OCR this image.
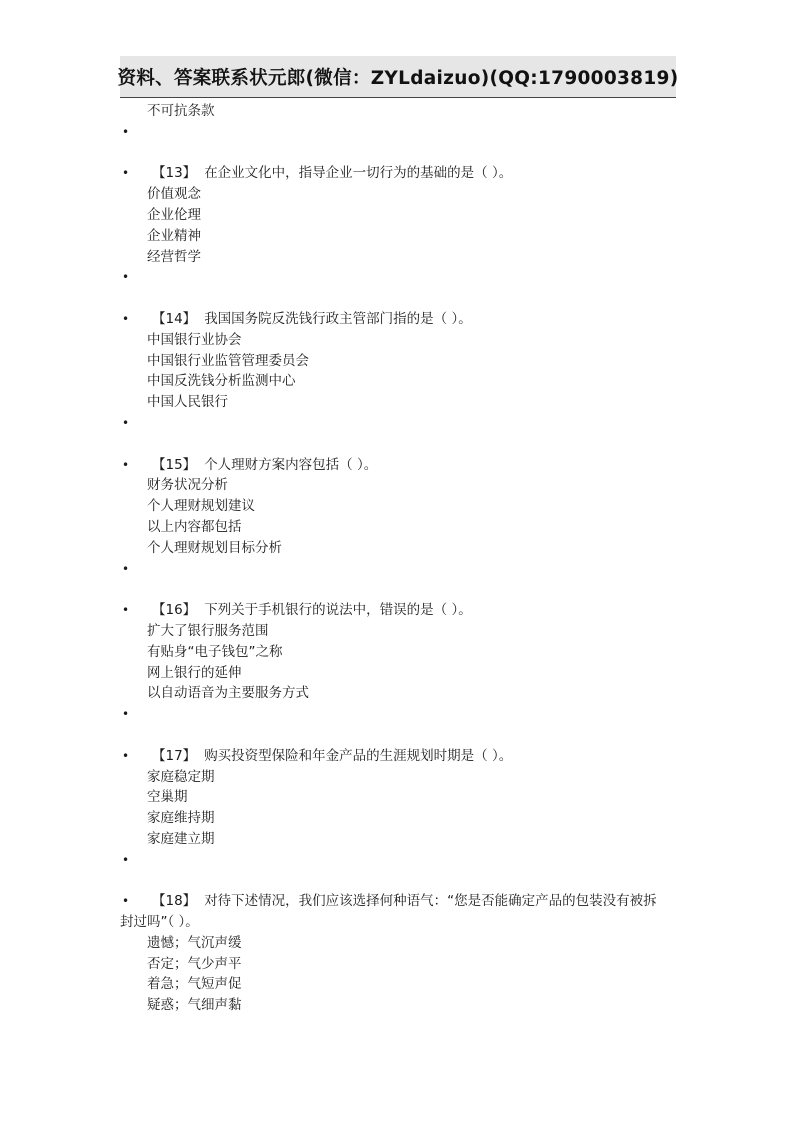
资料、答案联系状元郎(微信：ZYLdaizuo)(QQ:1790003819)
不可抗条款
•
• 【13】 在企业文化中，指导企业一切行为的基础的是（ ）。
价值观念
企业伦理
企业精神
经营哲学
•
• 【14】 我国国务院反洗钱行政主管部门指的是（ ）。
中国银行业协会
中国银行业监管管理委员会
中国反洗钱分析监测中心
中国人民银行
•
• 【15】 个人理财方案内容包括（ ）。
财务状况分析
个人理财规划建议
以上内容都包括
个人理财规划目标分析
•
• 【16】 下列关于手机银行的说法中，错误的是（ ）。
扩大了银行服务范围
有贴身“电子钱包”之称
网上银行的延伸
以自动语音为主要服务方式
•
• 【17】 购买投资型保险和年金产品的生涯规划时期是（ ）。
家庭稳定期
空巢期
家庭维持期
家庭建立期
•
• 【18】 对待下述情况，我们应该选择何种语气：“您是否能确定产品的包装没有被拆
封过吗”（ ）。
遗憾；气沉声缓
否定；气少声平
着急；气短声促
疑惑；气细声黏
